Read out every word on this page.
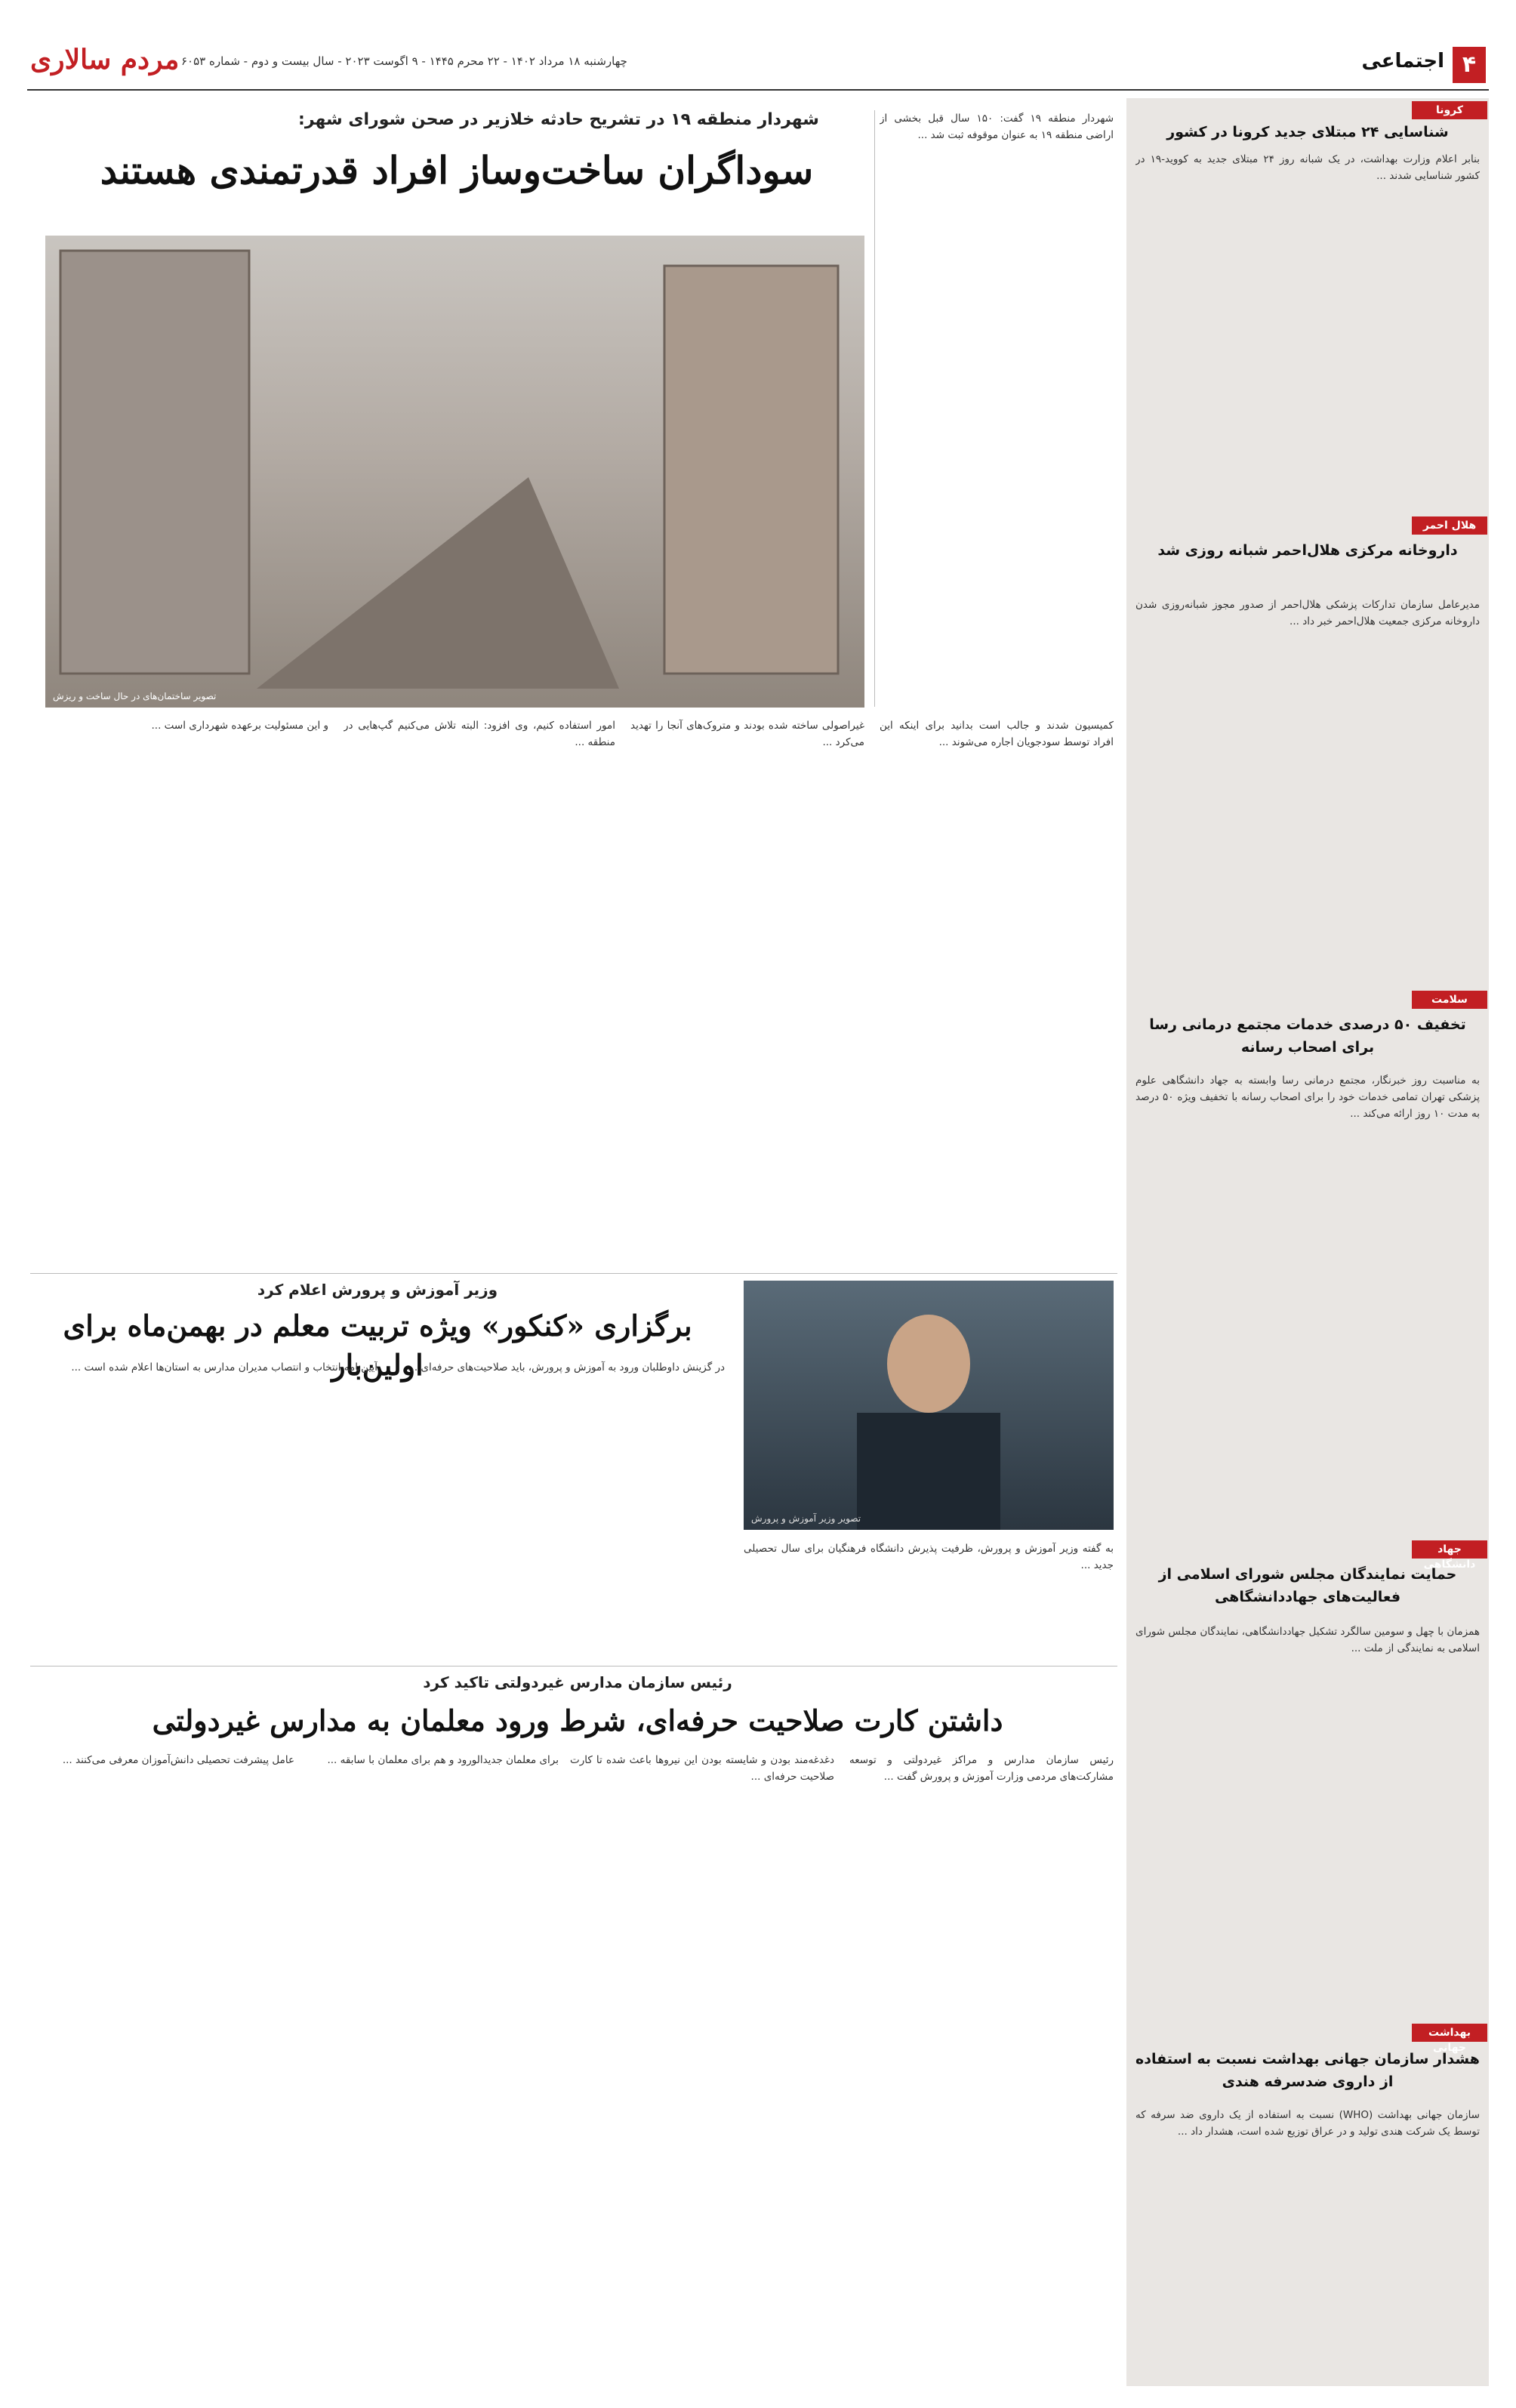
۴
اجتماعی
مردم سالاری چهارشنبه ۱۸ مرداد ۱۴۰۲ - ۲۲ محرم ۱۴۴۵ - ۹ اگوست ۲۰۲۳ - سال بیست و دوم - شماره ۶۰۵۳
کرونا
شناسایی ۲۴ مبتلای جدید کرونا در کشور
بنابر اعلام وزارت بهداشت، در یک شبانه روز ۲۴ مبتلای جدید به کووید-۱۹ در کشور شناسایی شدند ...
هلال احمر
داروخانه مرکزی هلال‌احمر شبانه روزی شد
مدیرعامل سازمان تدارکات پزشکی هلال‌احمر از صدور مجوز شبانه‌روزی شدن داروخانه مرکزی جمعیت هلال‌احمر خبر داد ...
سلامت
تخفیف ۵۰ درصدی خدمات مجتمع درمانی رسا برای اصحاب رسانه
به مناسبت روز خبرنگار، مجتمع درمانی رسا وابسته به جهاد دانشگاهی علوم پزشکی تهران تمامی خدمات خود را برای اصحاب رسانه با تخفیف ویژه ۵۰ درصد به مدت ۱۰ روز ارائه می‌کند ...
جهاد دانشگاهی
حمایت نمایندگان مجلس شورای اسلامی از فعالیت‌های جهاددانشگاهی
همزمان با چهل و سومین سالگرد تشکیل جهاددانشگاهی، نمایندگان مجلس شورای اسلامی به نمایندگی از ملت ...
بهداشت جهانی
هشدار سازمان جهانی بهداشت نسبت به استفاده از داروی ضدسرفه هندی
سازمان جهانی بهداشت (WHO) نسبت به استفاده از یک داروی ضد سرفه که توسط یک شرکت هندی تولید و در عراق توزیع شده است، هشدار داد ...
شهردار منطقه ۱۹ در تشریح حادثه خلازیر در صحن شورای شهر:
سوداگران ساخت‌وساز افراد قدرتمندی هستند
تصویر ساختمان‌های در حال ساخت و ریزش
شهردار منطقه ۱۹ گفت: ۱۵۰ سال قبل بخشی از اراضی منطقه ۱۹ به عنوان موقوفه ثبت شد ...
کمیسیون شدند و جالب است بدانید برای اینکه این افراد توسط سودجویان اجاره می‌شوند ...
غیراصولی ساخته شده بودند و متروک‌های آنجا را تهدید می‌کرد ...
امور استفاده کنیم، وی افزود: البته تلاش می‌کنیم گپ‌هایی در منطقه ...
و این مسئولیت برعهده شهرداری است ...
وزیر آموزش و پرورش اعلام کرد
برگزاری «کنکور» ویژه تربیت معلم در بهمن‌ماه برای اولین‌بار
تصویر وزیر آموزش و پرورش
به گفته وزیر آموزش و پرورش، ظرفیت پذیرش دانشگاه فرهنگیان برای سال تحصیلی جدید ...
در گزینش داوطلبان ورود به آموزش و پرورش، باید صلاحیت‌های حرفه‌ای ...
آیین‌نامه انتخاب و انتصاب مدیران مدارس به استان‌ها اعلام شده است ...
رئیس سازمان مدارس غیردولتی تاکید کرد
داشتن کارت صلاحیت حرفه‌ای، شرط ورود معلمان به مدارس غیردولتی
رئیس سازمان مدارس و مراکز غیردولتی و توسعه مشارکت‌های مردمی وزارت آموزش و پرورش گفت ...
دغدغه‌مند بودن و شایسته بودن این نیروها باعث شده تا کارت صلاحیت حرفه‌ای ...
برای معلمان جدیدالورود و هم برای معلمان با سابقه ...
عامل پیشرفت تحصیلی دانش‌آموزان معرفی می‌کنند ...
